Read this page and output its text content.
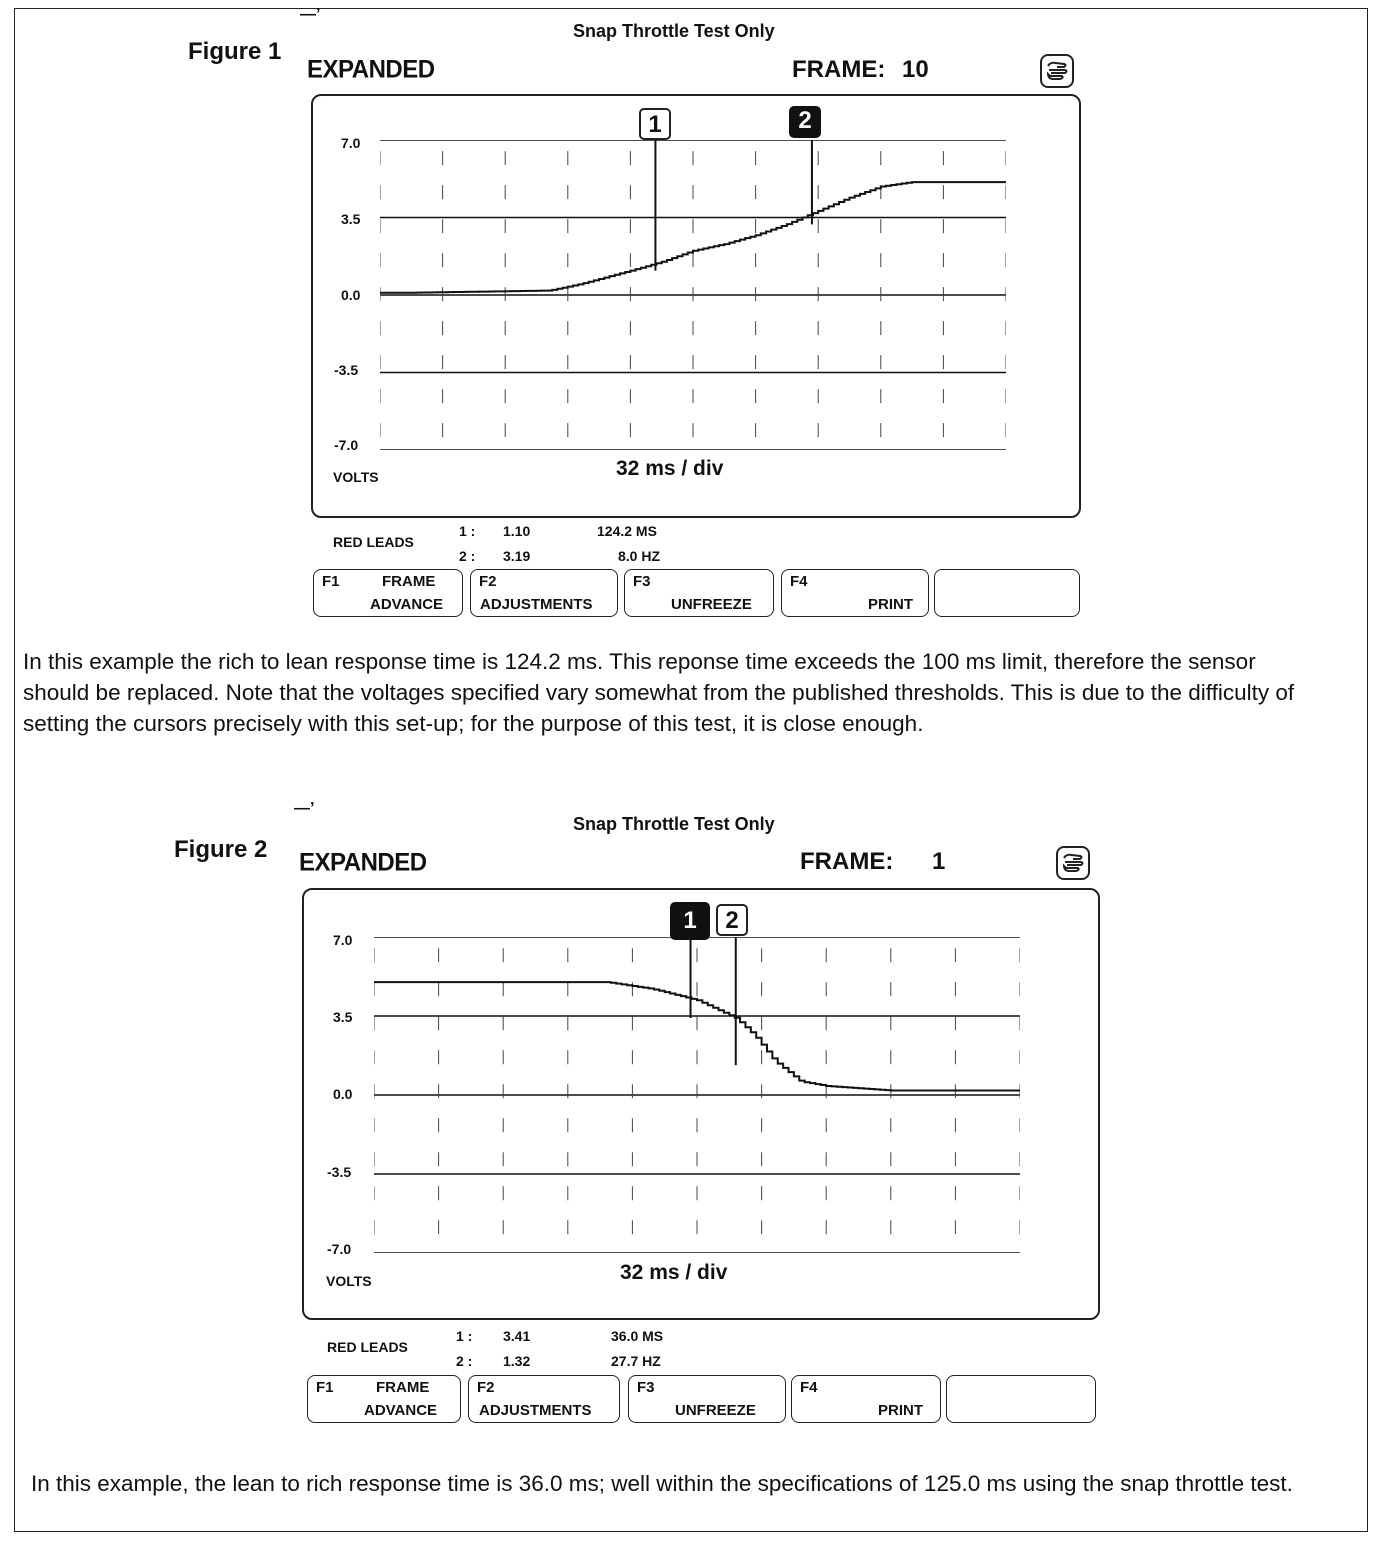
Figure 1
—’
Snap Throttle Test Only
EXPANDED	FRAME: 10
7.0
3.5
0.0
-3.5
-7.0
VOLTS	32 ms / div
1	2
RED LEADS
1 : 1.10	124.2 MS
2 : 3.19	8.0 HZ
F1	FRAME
ADVANCE
F2
ADJUSTMENTS
F3
UNFREEZE
F4
PRINT
In this example the rich to lean response time is 124.2 ms. This reponse time exceeds the 100 ms limit, therefore the sensor should be replaced. Note that the voltages specified vary somewhat from the published thresholds. This is due to the difficulty of setting the cursors precisely with this set-up; for the purpose of this test, it is close enough.
Figure 2
—’
Snap Throttle Test Only
EXPANDED	FRAME: 1
7.0
3.5
0.0
-3.5
-7.0
VOLTS	32 ms / div
1	2
RED LEADS
1 : 3.41	36.0 MS
2 : 1.32	27.7 HZ
F1	FRAME
ADVANCE
F2
ADJUSTMENTS
F3
UNFREEZE
F4
PRINT
In this example, the lean to rich response time is 36.0 ms; well within the specifications of 125.0 ms using the snap throttle test.
